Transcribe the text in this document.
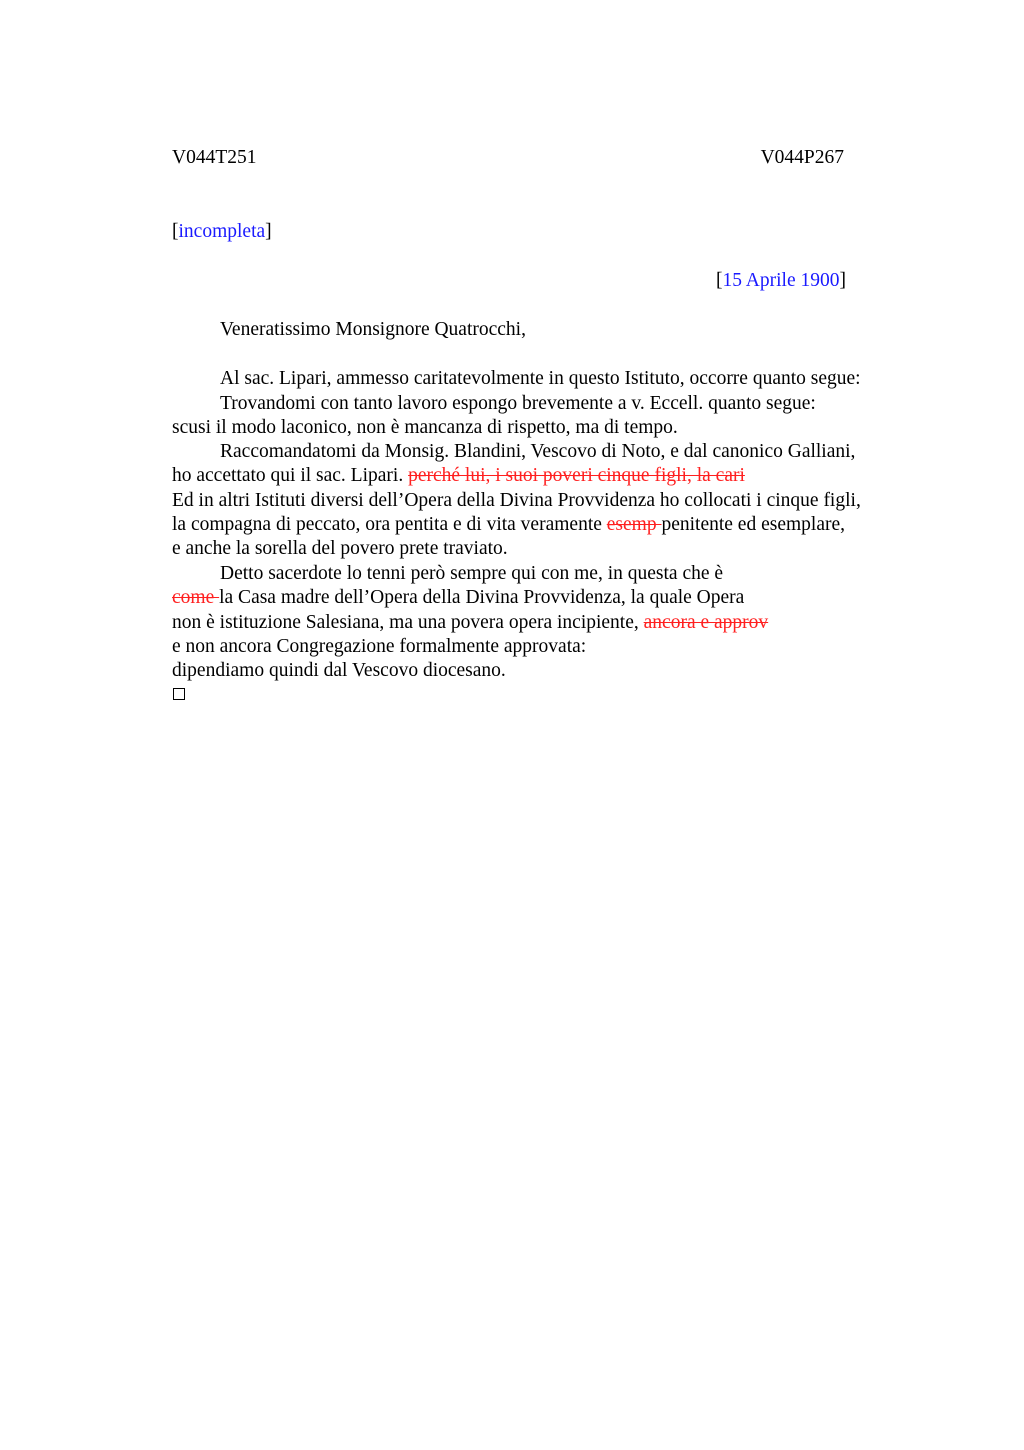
V044T251	V044P267
[incompleta]
[15 Aprile 1900]
Veneratissimo Monsignore Quatrocchi,
Al sac. Lipari, ammesso caritatevolmente in questo Istituto, occorre quanto segue:
Trovandomi con tanto lavoro espongo brevemente a v. Eccell. quanto segue:
scusi il modo laconico, non è mancanza di rispetto, ma di tempo.
Raccomandatomi da Monsig. Blandini, Vescovo di Noto, e dal canonico Galliani,
ho accettato qui il sac. Lipari. perché lui, i suoi poveri cinque figli, la cari
Ed in altri Istituti diversi dell’Opera della Divina Provvidenza ho collocati i cinque figli,
la compagna di peccato, ora pentita e di vita veramente esemp penitente ed esemplare,
e anche la sorella del povero prete traviato.
Detto sacerdote lo tenni però sempre qui con me, in questa che è
come la Casa madre dell’Opera della Divina Provvidenza, la quale Opera
non è istituzione Salesiana, ma una povera opera incipiente, ancora e approv
e non ancora Congregazione formalmente approvata:
dipendiamo quindi dal Vescovo diocesano.
